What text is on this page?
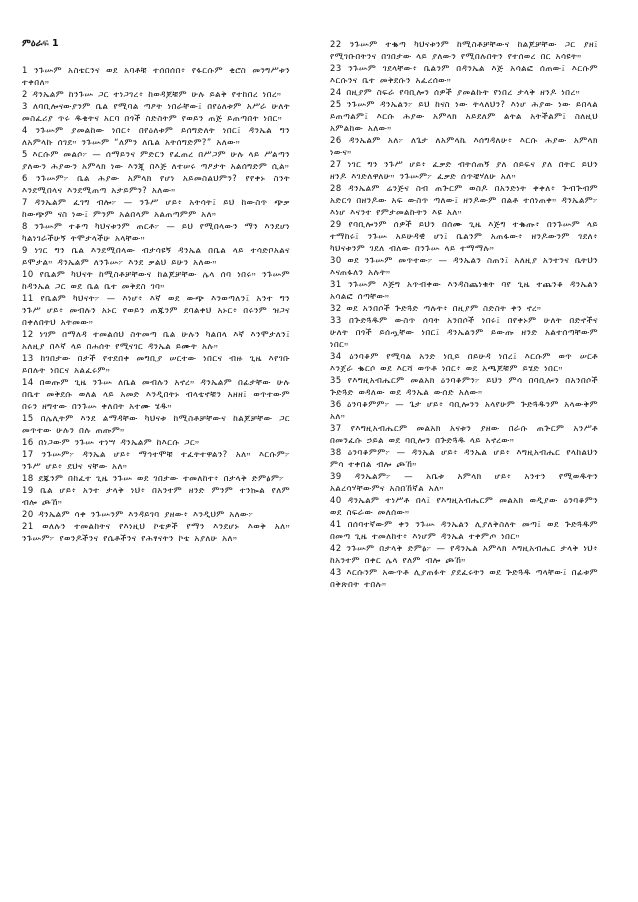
ምዕራፍ 1

1 ንጉሡም አስቴርንና ወደ አባቶቹ ተሰበሰበ፥ የፋርሱም ቂሮስ መንግሥቱን ተቀበለ።

2 ዳንኤልም ከንጉሡ ጋር ተነጋገረ፥ ከወዳጆቹም ሁሉ ይልቅ የተከበረ ነበረ።

3 ለባቢሎናውያንም ቤል የሚባል ጣዖት ነበራቸው፤ በየዕለቱም አሥራ ሁለት መስፈሪያ ጥሩ ዱቄትና አርባ በጎች ስድስትም የወይን ጠጅ ይጠጣበት ነበር።

4 ንጉሡም ያመልከው ነበር፥ በየዕለቱም ይሰግድለት ነበር፤ ዳንኤል ግን ለአምላኩ ሰገደ። ንጉሡም “ለምን ለቤል አትሰግድም?” አለው።

5 እርሱም መልሶ፦ — ሰማይንና ምድርን የፈጠረ በሥጋም ሁሉ ላይ ሥልጣን ያለውን ሕያውን አምላክ ነው እንጂ በእጅ ለተሠሩ ጣዖታት አልሰግድም ሲል።

6 ንጉሡም፦ ቤል ሕያው አምላክ የሆነ አይመስልህምን? የየቀኑ ስንት እንደሚበላና እንደሚጠጣ አታይምን? አለው።

7 ዳንኤልም ፈገግ ብሎ፦ — ንጉሥ ሆይ፥ አትሳት፤ ይህ ከውስጥ ጭቃ ከውጭም ናስ ነው፤ ምንም አልበላም አልጠጣምም አለ።

8 ንጉሡም ተቆጣ ካህናቱንም ጠርቶ፦ — ይህ የሚበላውን ማን እንደሆነ ካልነገራችሁኝ ትሞታላችሁ አላቸው።

9 ነገር ግን ቤል እንደሚበላው ብታሳዩኝ ዳንኤል በቤል ላይ ተሳድቦአልና ይሞታል። ዳንኤልም ለንጉሡ፦ እንደ ቃልህ ይሁን አለው።

10 የቤልም ካህናት ከሚስቶቻቸውና ከልጆቻቸው ሌላ ሰባ ነበሩ። ንጉሡም ከዳንኤል ጋር ወደ ቤል ቤተ መቅደስ ገባ።

11 የቤልም ካህናት፦ — እነሆ፥ እኛ ወደ ውጭ እንወጣለን፤ አንተ ግን ንጉሥ ሆይ፥ መብሉን አኑር የወይን ጠጁንም ደባልቀህ አኑር፥ በሩንም ዝጋና በቀለበትህ አትመው።

12 ነገም በማለዳ ተመልሰህ ስትመጣ ቤል ሁሉን ካልበላ እኛ እንሞታለን፤ አለዚያ በእኛ ላይ በሐሰት የሚናገር ዳንኤል ይሙት አሉ።

13 ከገበታው በታች የተደበቀ መግቢያ ሠርተው ነበርና ብዙ ጊዜ እየገቡ ይበሉት ነበርና አልፈሩም።

14 በወጡም ጊዜ ንጉሡ ለቤል መብሉን አኖረ። ዳንኤልም በፊታቸው ሁሉ በቤተ መቅደሱ ወለል ላይ አመድ እንዲበትኑ ብላቴኖቹን አዘዘ፤ ወጥተውም በሩን ዘግተው በንጉሡ ቀለበት አተሙ ሄዱ።

15 በሌሊትም እንደ ልማዳቸው ካህናቱ ከሚስቶቻቸውና ከልጆቻቸው ጋር መጥተው ሁሉን በሉ ጠጡም።

16 በነጋውም ንጉሡ ተነሣ ዳንኤልም ከእርሱ ጋር።

17 ንጉሡም፦ ዳንኤል ሆይ፥ ማኅተሞቹ ተፈትተዋልን? አለ። እርሱም፦ ንጉሥ ሆይ፥ ደህና ናቸው አለ።

18 ደጁንም በከፈተ ጊዜ ንጉሡ ወደ ገበታው ተመለከተ፥ በታላቅ ድምፅም፦

19 ቤል ሆይ፥ አንተ ታላቅ ነህ፥ በአንተም ዘንድ ምንም ተንኰል የለም ብሎ ጮኸ።

20 ዳንኤልም ሳቀ ንጉሡንም እንዳይገባ ያዘው፥ እንዲህም አለው፦

21 ወለሉን ተመልከትና የእነዚህ ኮቴዎች የማን እንደሆኑ እወቅ አለ። ንጉሡም፦ የወንዶችንና የሴቶችንና የሕፃናትን ኮቴ አያለሁ አለ።

22 ንጉሡም ተቈጣ ካህናቱንም ከሚስቶቻቸውና ከልጆቻቸው ጋር ያዘ፤ የሚገቡበትንና በገበታው ላይ ያለውን የሚበሉበትን የተሰወረ በር አሳዩት።

23 ንጉሡም ገደላቸው፥ ቤልንም በዳንኤል እጅ አሳልፎ ሰጠው፤ እርሱም እርሱንና ቤተ መቅደሱን አፈረሰው።

24 በዚያም ስፍራ የባቢሎን ሰዎች ያመልኩት የነበረ ታላቅ ዘንዶ ነበረ።

25 ንጉሡም ዳንኤልን፦ ይህ ከናስ ነው ትላለህን? እነሆ ሕያው ነው ይበላል ይጠጣልም፤ እርሱ ሕያው አምላክ አይደለም ልትል አትችልም፤ ስለዚህ አምልከው አለው።

26 ዳንኤልም አለ፦ ለጌታ ለአምላኬ እሰግዳለሁ፥ እርሱ ሕያው አምላክ ነውና።

27 ነገር ግን ንጉሥ ሆይ፥ ፈቃድ ብትሰጠኝ ያለ ሰይፍና ያለ በትር ይህን ዘንዶ እገድለዋለሁ። ንጉሡም፦ ፈቃድ ሰጥቼሃለሁ አለ።

28 ዳንኤልም ሬንጅና ስብ ጠጕርም ወስዶ በአንድነት ቀቀለ፥ ጕብጕብም አድርጎ በዘንዶው አፍ ውስጥ ጣለው፤ ዘንዶውም በልቶ ተሰነጠቀ። ዳንኤልም፦ እነሆ እናንተ የምታመልኩትን እዩ አለ።

29 የባቢሎንም ሰዎች ይህን በሰሙ ጊዜ እጅግ ተቈጡ፥ በንጉሡም ላይ ተማከሩ፤ ንጉሡ አይሁዳዊ ሆነ፤ ቤልንም አጠፋው፥ ዘንዶውንም ገደለ፥ ካህናቱንም ገደለ ብለው በንጉሡ ላይ ተማማሉ።

30 ወደ ንጉሡም መጥተው፦ — ዳንኤልን ስጠን፤ አለዚያ አንተንና ቤትህን እናጠፋለን አሉት።

31 ንጉሡም እጅግ አጥብቀው እንዳስጨነቁት ባየ ጊዜ ተጨንቆ ዳንኤልን አሳልፎ ሰጣቸው።

32 ወደ አንበሶች ጕድጓድ ጣሉት፥ በዚያም ስድስት ቀን ኖረ።

33 በጕድጓዱም ውስጥ ሰባት አንበሶች ነበሩ፤ በየቀኑም ሁለት በድኖችና ሁለት በጎች ይሰጧቸው ነበር፤ ዳንኤልንም ይውጡ ዘንድ አልተሰጣቸውም ነበር።

34 ዕንባቆም የሚባል አንድ ነቢይ በይሁዳ ነበረ፤ እርሱም ወጥ ሠርቶ እንጀራ ቈርሶ ወደ እርሻ ወጥቶ ነበር፥ ወደ አጫጆቹም ይሄድ ነበር።

35 የእግዚአብሔርም መልአክ ዕንባቆምን፦ ይህን ምሳ በባቢሎን በአንበሶች ጕድጓድ ወዳለው ወደ ዳንኤል ውሰድ አለው።

36 ዕንባቆምም፦ — ጌታ ሆይ፥ ባቢሎንን አላየሁም ጕድጓዱንም አላውቅም አለ።

37 የእግዚአብሔርም መልአክ አናቱን ያዘው በራሱ ጠጕርም አንሥቶ በመንፈሱ ኃይል ወደ ባቢሎን በጕድጓዱ ላይ አኖረው።

38 ዕንባቆምም፦ — ዳንኤል ሆይ፥ ዳንኤል ሆይ፥ እግዚአብሔር የላከልህን ምሳ ተቀበል ብሎ ጮኸ።

39 ዳንኤልም፦ — አቤቱ አምላክ ሆይ፥ አንተን የሚወዱትን አልረሳሃቸውምና አስበኸኛል አለ።

40 ዳንኤልም ተነሥቶ በላ፤ የእግዚአብሔርም መልአክ ወዲያው ዕንባቆምን ወደ ስፍራው መለሰው።

41 በሰባተኛውም ቀን ንጉሡ ዳንኤልን ሊያለቅስለት መጣ፤ ወደ ጕድጓዱም በመጣ ጊዜ ተመለከተ፥ እነሆም ዳንኤል ተቀምጦ ነበር።

42 ንጉሡም በታላቅ ድምፅ፦ — የዳንኤል አምላክ እግዚአብሔር ታላቅ ነህ፥ ከአንተም በቀር ሌላ የለም ብሎ ጮኸ።

43 እርሱንም አውጥቶ ሊያጠፉት ያደፈሩትን ወደ ጕድጓዱ ጣላቸው፤ በፊቱም በቅጽበት ተበሉ።
